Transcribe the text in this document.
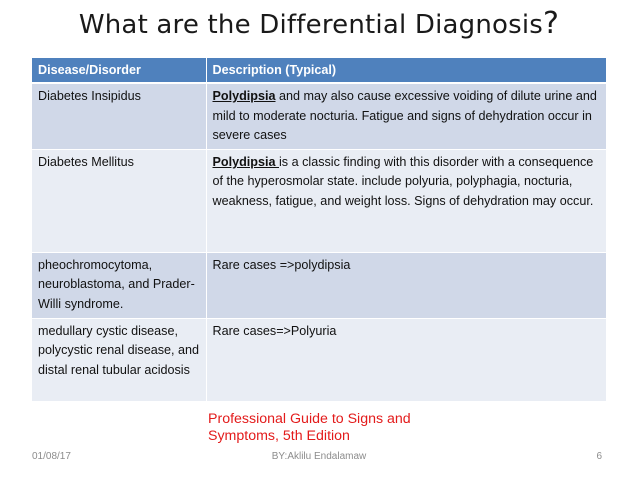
What are the Differential Diagnosis?
Disease/Disorder	Description (Typical)
Diabetes Insipidus	Polydipsia and may also cause excessive voiding of dilute urine and mild to moderate nocturia. Fatigue and signs of dehydration occur in severe cases
Diabetes Mellitus	Polydipsia is a classic finding with this disorder with a consequence of the hyperosmolar state. include polyuria, polyphagia, nocturia, weakness, fatigue, and weight loss. Signs of dehydration may occur.
pheochromocytoma, neuroblastoma, and Prader-Willi syndrome.	Rare cases =>polydipsia
medullary cystic disease, polycystic renal disease, and distal renal tubular acidosis	Rare cases=>Polyuria
Professional Guide to Signs and
Symptoms, 5th Edition
01/08/17	BY:Aklilu Endalamaw	6
